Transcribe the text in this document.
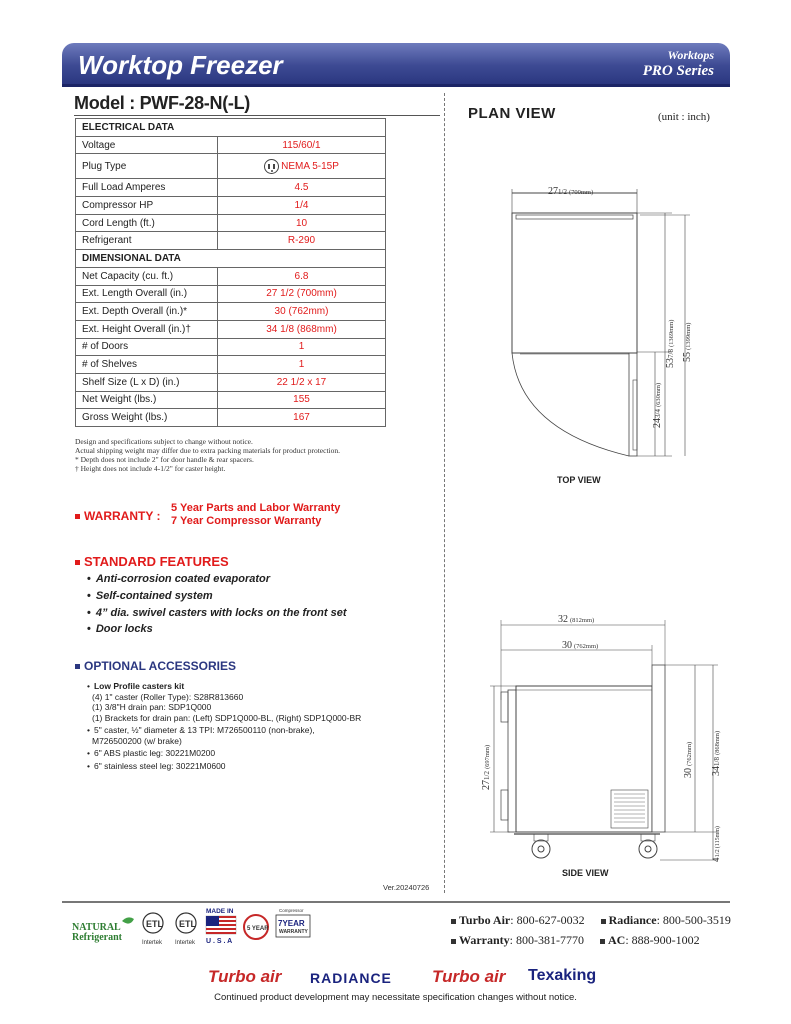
Worktop Freezer	Worktops
PRO Series
Model : PWF-28-N(-L)
ELECTRICAL DATA	
Voltage	115/60/1
Plug Type	NEMA 5-15P
Full Load Amperes	4.5
Compressor HP	1/4
Cord Length (ft.)	10
Refrigerant	R-290
DIMENSIONAL DATA	
Net Capacity (cu. ft.)	6.8
Ext. Length Overall (in.)	27 1/2 (700mm)
Ext. Depth Overall (in.)*	30 (762mm)
Ext. Height Overall (in.)†	34 1/8 (868mm)
# of Doors	1
# of Shelves	1
Shelf Size (L x D) (in.)	22 1/2 x 17
Net Weight (lbs.)	155
Gross Weight (lbs.)	167
Design and specifications subject to change without notice.
Actual shipping weight may differ due to extra packing materials for product protection.
* Depth does not include 2" for door handle & rear spacers.
† Height does not include 4-1/2" for caster height.
WARRANTY :
5 Year Parts and Labor Warranty
7 Year Compressor Warranty
STANDARD FEATURES
• Anti-corrosion coated evaporator
• Self-contained system
• 4” dia. swivel casters with locks on the front set
• Door locks
OPTIONAL ACCESSORIES
• Low Profile casters kit
(4) 1" caster (Roller Type): S28R813660
(1) 3/8"H drain pan: SDP1Q000
(1) Brackets for drain pan: (Left) SDP1Q000-BL, (Right) SDP1Q000-BR
• 5" caster, ½" diameter & 13 TPI: M726500110 (non-brake),
M726500200 (w/ brake)
• 6" ABS plastic leg: 30221M0200
• 6" stainless steel leg: 30221M0600
Ver.20240726
PLAN VIEW	(unit : inch)
271/2 (700mm)
537/8(1369mm)
55(1399mm)
243/4(630mm)
32 (812mm)
30 (762mm)
271/2(697mm)
30(762mm)
341/8(868mm)
41/2(115mm)
TOP VIEW
SIDE VIEW
NATURAL
Refrigerant
ETL
Intertek
ETL
Intertek
MADE IN
U . S . A
5 YEAR
Compressor
7YEAR
WARRANTY
Turbo Air: 800-627-0032 Radiance: 800-500-3519
Warranty: 800-381-7770 AC: 888-900-1002
Turbo air RADIANCE Turbo air Texaking
Continued product development may necessitate specification changes without notice.
